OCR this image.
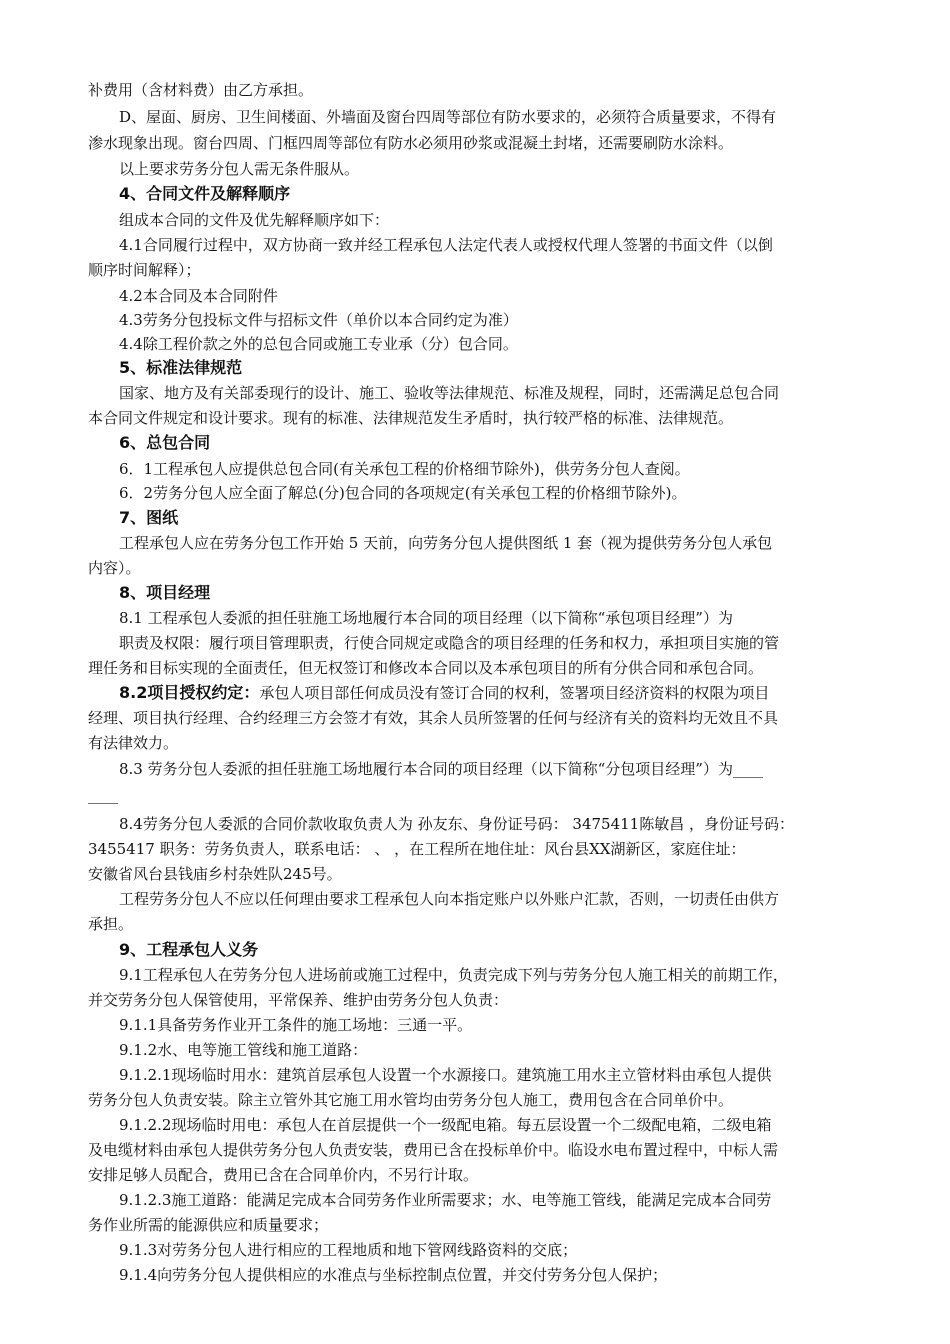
补费用（含材料费）由乙方承担。
D、屋面、厨房、卫生间楼面、外墙面及窗台四周等部位有防水要求的，必须符合质量要求，不得有
渗水现象出现。窗台四周、门框四周等部位有防水必须用砂浆或混凝土封堵，还需要刷防水涂料。
以上要求劳务分包人需无条件服从。
4、合同文件及解释顺序
组成本合同的文件及优先解释顺序如下：
4.1合同履行过程中，双方协商一致并经工程承包人法定代表人或授权代理人签署的书面文件（以倒
顺序时间解释）；
4.2本合同及本合同附件
4.3劳务分包投标文件与招标文件（单价以本合同约定为准）
4.4除工程价款之外的总包合同或施工专业承（分）包合同。
5、标准法律规范
国家、地方及有关部委现行的设计、施工、验收等法律规范、标准及规程，同时，还需满足总包合同
本合同文件规定和设计要求。现有的标准、法律规范发生矛盾时，执行较严格的标准、法律规范。
6、总包合同
6．1工程承包人应提供总包合同(有关承包工程的价格细节除外)，供劳务分包人查阅。
6．2劳务分包人应全面了解总(分)包合同的各项规定(有关承包工程的价格细节除外)。
7、图纸
工程承包人应在劳务分包工作开始 5 天前，向劳务分包人提供图纸 1 套（视为提供劳务分包人承包
内容）。
8、项目经理
8.1 工程承包人委派的担任驻施工场地履行本合同的项目经理（以下简称“承包项目经理”）为
职责及权限：履行项目管理职责，行使合同规定或隐含的项目经理的任务和权力，承担项目实施的管
理任务和目标实现的全面责任，但无权签订和修改本合同以及本承包项目的所有分供合同和承包合同。
8.2项目授权约定：承包人项目部任何成员没有签订合同的权利，签署项目经济资料的权限为项目
经理、项目执行经理、合约经理三方会签才有效，其余人员所签署的任何与经济有关的资料均无效且不具
有法律效力。
8.3 劳务分包人委派的担任驻施工场地履行本合同的项目经理（以下简称“分包项目经理”）为____
____
8.4劳务分包人委派的合同价款收取负责人为 孙友东、身份证号码： 3475411陈敏昌 ，身份证号码：
3455417 职务：劳务负责人，联系电话： 、 ，在工程所在地住址：风台县XX湖新区，家庭住址：
安徽省风台县钱庙乡村杂姓队245号。
工程劳务分包人不应以任何理由要求工程承包人向本指定账户以外账户汇款，否则，一切责任由供方
承担。
9、工程承包人义务
9.1工程承包人在劳务分包人进场前或施工过程中，负责完成下列与劳务分包人施工相关的前期工作，
并交劳务分包人保管使用，平常保养、维护由劳务分包人负责：
9.1.1具备劳务作业开工条件的施工场地：三通一平。
9.1.2水、电等施工管线和施工道路：
9.1.2.1现场临时用水：建筑首层承包人设置一个水源接口。建筑施工用水主立管材料由承包人提供
劳务分包人负责安装。除主立管外其它施工用水管均由劳务分包人施工，费用包含在合同单价中。
9.1.2.2现场临时用电：承包人在首层提供一个一级配电箱。每五层设置一个二级配电箱，二级电箱
及电缆材料由承包人提供劳务分包人负责安装，费用已含在投标单价中。临设水电布置过程中，中标人需
安排足够人员配合，费用已含在合同单价内，不另行计取。
9.1.2.3施工道路：能满足完成本合同劳务作业所需要求；水、电等施工管线，能满足完成本合同劳
务作业所需的能源供应和质量要求；
9.1.3对劳务分包人进行相应的工程地质和地下管网线路资料的交底；
9.1.4向劳务分包人提供相应的水准点与坐标控制点位置，并交付劳务分包人保护；
